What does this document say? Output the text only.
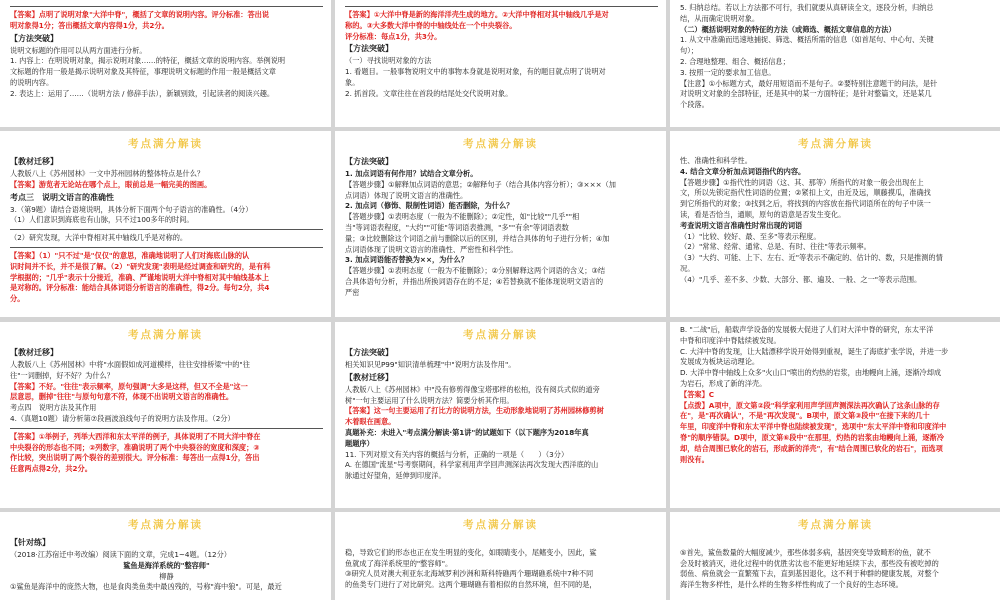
【答案】点明了说明对象"大洋中脊"，概括了文章的说明内容。评分标准：答出说

明对象得1分；答出概括文章内容得1分，共2分。

【方法突破】

说明文标题的作用可以从两方面进行分析。

1. 内容上：在明说明对象，揭示说明对象……的特征，概括文章的说明内容。举例说明

文标题的作用一般是揭示说明对象及其特征，事理说明文标题的作用一般是概括文章

的说明内容。

2. 表达上：运用了……（说明方法 / 修辞手法），新颖别致，引起读者的阅读兴趣。

【答案】①大洋中脊是新的海洋洋壳生成的地方。②大洋中脊相对其中轴线几乎是对

称的。③大多数大洋中脊的中轴线处在一个中央裂谷。

评分标准：每点1分，共3分。

【方法突破】

（一）寻找说明对象的方法

1. 看题目。一般事物说明文中的事物本身就是说明对象，有的题目就点明了说明对

象。

2. 抓首段。文章往往在首段的结尾处交代说明对象。

5. 归纳总结。若以上方法都不可行，我们就要从真研读全文，逐段分析，归纳总

结，从而确定说明对象。

（二）概括说明对象的特征的方法（或筛选、概括文章信息的方法）

1. 从文中准确而迅速地捕捉、筛选、概括所需的信息（如首尾句、中心句、关键

句）；

2. 合理地整理、组合、概括信息；

3. 按照一定的要求加工信息。

【注意】①小标题方式，最好用短语而不是句子。②要特别注意题干的问法，是针

对说明文对象的全部特征，还是其中的某一方面特征；是针对整篇文，还是某几

个段落。

考点满分解读

【教材迁移】

人教版八上《苏州园林》一文中苏州园林的整体特点是什么？

【答案】游览者无论站在哪个点上，眼前总是一幅完美的图画。

考点三　说明文语言的准确性

3.（第9题）请结合语境说明，具体分析下面两个句子语言的准确性。（4分）

（1）人们意识到海底也有山脉，只不过100多年的时间。

（2）研究发现，大洋中脊相对其中轴线几乎是对称的。

【答案】（1）"只不过"是"仅仅"的意思，准确地说明了人们对海底山脉的认

识时间并不长，并不是很了解。（2）"研究发现"表明是经过调查和研究的，是有科

学根据的；"几乎"表示十分接近，准确、严谨地说明大洋中脊相对其中轴线基本上

是对称的。评分标准：能结合具体词语分析语言的准确性，得2分。每句2分，共4

分。

考点满分解读

【方法突破】

1. 加点词语有何作用？试结合文章分析。

【答题步骤】①解释加点词语的意思；②解释句子（结合具体内容分析）；③×××（加

点词语）体现了说明文语言的准确性。

2. 加点词（修饰、限制性词语）能否删除，为什么？

【答题步骤】①表明态度（一般为不能删除）；②定性，如"比较""几乎""相

当"等词语表程度，"大约""可能"等词语表推测，"多""有余"等词语表数

量；③比较删除这个词语之前与删除以后的区别，并结合具体的句子进行分析；④加

点词语体现了说明文语言的准确性、严密性和科学性。

3. 加点词语能否替换为××，为什么？

【答题步骤】①表明态度（一般为不能删除）；②分别解释这两个词语的含义；③结

合具体语句分析，并指出所换词语存在的不足；④若替换就不能体现说明文语言的

严密

考点满分解读

性、准确性和科学性。

4. 结合文章分析加点词语指代的内容。

【答题步骤】①指代性的词语（这、其、那等）所指代的对象一般会出现在上

文，所以先锁定指代性词语的位置；②紧扣上文，由近及远，顺藤摸瓜，准确找

到它所指代的对象；③找到之后，将找到的内容放在指代词语所在的句子中读一

读，看是否恰当，通顺，原句的语意是否发生变化。

考查说明文语言准确性时常出现的词语

（1）"比较、较好、最、至多"等表示程度。

（2）"常常、经常、通常、总是、有时、往往"等表示频率。

（3）"大约、可能、上下、左右、近"等表示不确定的、估计的、数，只是推测的情

况。

（4）"几乎、差不多、少数、大部分、都、遍及、一般、之一"等表示范围。

考点满分解读

【教材迁移】

人教版八上《苏州园林》中将"水面假如成河道模样，往往安排桥梁"中的"往

往"一词删掉，好不好？为什么？

【答案】不好。"往往"表示频率，原句强调"大多是这样，但又不全是"这一

层意思，删掉"往往"与原句句意不符，体现不出说明文语言的准确性。

考点四　说明方法及其作用

4.（真题10题）请分析第⑦段画波浪线句子的说明方法及作用。（2分）

【答案】①举例子，列举大西洋和东太平洋的例子，具体说明了不同大洋中脊在

中央裂谷的形态也不同；②列数字，准确说明了两个中央裂谷的宽度和深度；③

作比较，突出说明了两个裂谷的差别很大。评分标准：每答出一点得1分，答出

任意两点得2分，共2分。

考点满分解读

【方法突破】

相关知识见P99"知识清单梳理"中"说明方法及作用"。

【教材迁移】

人教版八上《苏州园林》中"没有修剪得像宝塔那样的松柏，没有阅兵式似的道旁

树"一句主要运用了什么说明方法？简要分析其作用。

【答案】这一句主要运用了打比方的说明方法，生动形象地说明了苏州园林修剪树

木着眼在画意。

真题补充：未进入"考点满分解读·第1讲"的试题如下（以下题序为2018年真

题题序）

11. 下列对原文有关内容的概括与分析，正确的一项是（　　）（3分）

A. 在德国"流星"号考察期间，科学家利用声学回声测深法再次发现大西洋底的山

脉通过好望角，延伸到印度洋。

B. "二战"后，船载声学设备的发展极大促进了人们对大洋中脊的研究，东太平洋

中脊和印度洋中脊陆续被发现。

C. 大洋中脊的发现，让大陆漂移学说开始得到重视，诞生了海底扩张学说，并进一步

发展成为板块运动理论。

D. 大洋中脊中轴线上众多"火山口"喷出的灼热的岩浆，由地幔向上涌，逐渐冷却成

为岩石，形成了新的洋壳。

【答案】C

【点拨】A项中，原文第②段"科学家利用声学回声测深法再次确认了这条山脉的存

在"，是"再次确认"，不是"再次发现"。B项中，原文第③段中"在接下来的几十

年里，印度洋中脊和东太平洋中脊也陆续被发现"，选项中"东太平洋中脊和印度洋中

脊"的顺序错误。D项中，原文第⑥段中"在那里，灼热的岩浆由地幔向上涌，逐渐冷

却，结合周围已软化的岩石，形成新的洋壳"，有"结合周围已软化的岩石"，而选项

则没有。

考点满分解读

【针对练】

（2018·江苏宿迁中考改编）阅读下面的文章，完成1~4题。（12分）

鲨鱼是海洋系统的"整容师"

柳静

①鲨鱼是海洋中的庞然大物，也是食肉类鱼类中最凶残的，号称"海中狼"。可是，最近

考点满分解读

稳，导致它们的形态也正在发生明显的变化，如眼睛变小，尾鳍变小，因此，鲨

鱼就成了海洋系统里的"整容师"。

③研究人员对澳大利亚东北海域罗利沙洲和斯科特礁两个珊瑚礁系统中7种不同

的鱼类专门进行了对比研究。这两个珊瑚礁有着相似的自然环境，但不同的是，

考点满分解读

⑤首先，鲨鱼数量的大幅度减少，那些体弱多病，基因突变导致畸形的鱼，就不

会及时被消灭，进化过程中的优胜劣汰也不能更好地延续下去，那些没有被吃掉的

弱鱼、病鱼就会一直繁殖下去，直到基因退化，这不利于种群的健康发展，对整个

海洋生物多样性，是什么样的生物多样性构成了一个良好的生态环境。
